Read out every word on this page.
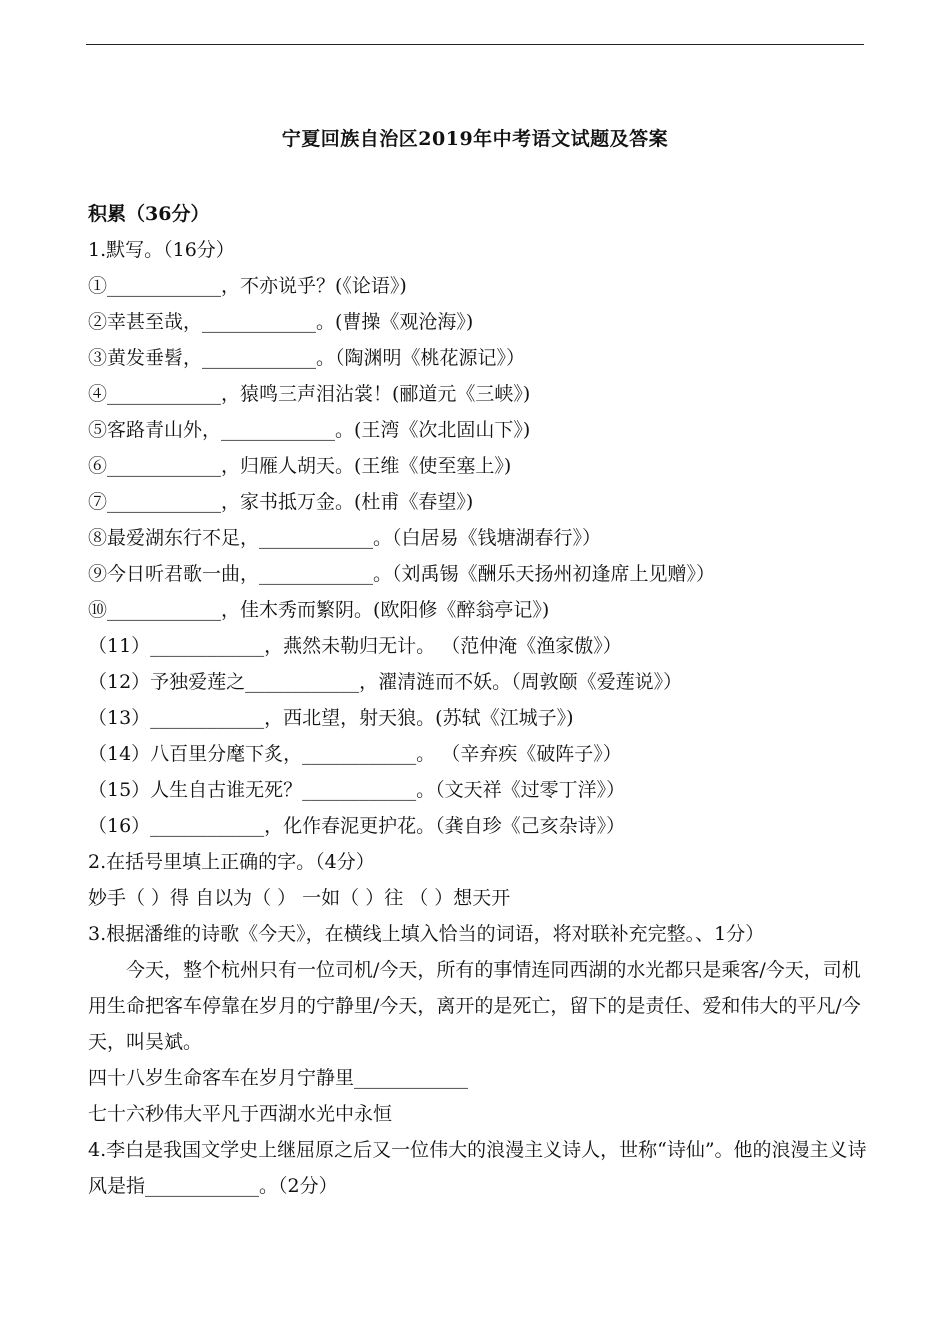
宁夏回族自治区2019年中考语文试题及答案
积累（36分）
1.默写。（16分）
①____________，不亦说乎？(《论语》)
②幸甚至哉，____________。(曹操《观沧海》)
③黄发垂髫，____________。（陶渊明《桃花源记》）
④____________，猿鸣三声泪沾裳！(郦道元《三峡》)
⑤客路青山外，____________。(王湾《次北固山下》)
⑥____________，归雁人胡天。(王维《使至塞上》)
⑦____________，家书抵万金。(杜甫《春望》)
⑧最爱湖东行不足，____________。（白居易《钱塘湖春行》）
⑨今日听君歌一曲，____________。（刘禹锡《酬乐天扬州初逢席上见赠》）
⑩____________，佳木秀而繁阴。(欧阳修《醉翁亭记》)
（11）____________，燕然未勒归无计。 （范仲淹《渔家傲》）
（12）予独爱莲之____________，濯清涟而不妖。（周敦颐《爱莲说》）
（13）____________，西北望，射天狼。(苏轼《江城子》)
（14）八百里分麾下炙，____________。 （辛弃疾《破阵子》）
（15）人生自古谁无死？____________。（文天祥《过零丁洋》）
（16）____________，化作春泥更护花。（龚自珍《己亥杂诗》）
2.在括号里填上正确的字。（4分）
妙手（ ）得 自以为（ ） 一如（ ）往 （ ）想天开
3.根据潘维的诗歌《今天》，在横线上填入恰当的词语，将对联补充完整。、1分）

今天，整个杭州只有一位司机/今天，所有的事情连同西湖的水光都只是乘客/今天，司机用生命把客车停靠在岁月的宁静里/今天，离开的是死亡，留下的是责任、爱和伟大的平凡/今天，叫吴斌。

四十八岁生命客车在岁月宁静里____________
七十六秒伟大平凡于西湖水光中永恒

4.李白是我国文学史上继屈原之后又一位伟大的浪漫主义诗人，世称“诗仙”。他的浪漫主义诗风是指____________。（2分）
